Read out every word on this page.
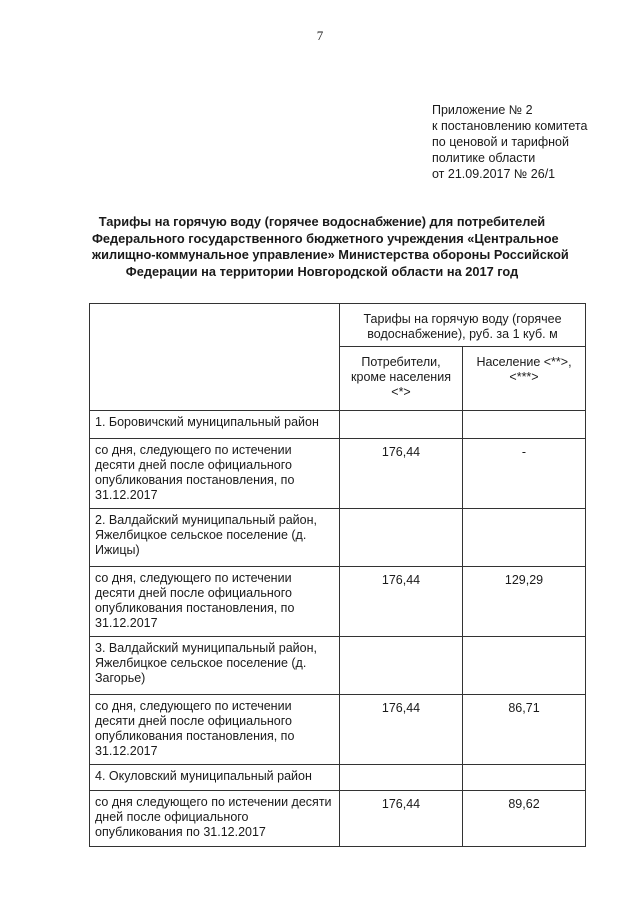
7
Приложение № 2
к постановлению комитета
по ценовой и тарифной
политике области
от 21.09.2017 № 26/1
Тарифы на горячую воду (горячее водоснабжение) для потребителей
Федерального государственного бюджетного учреждения «Центральное
жилищно-коммунальное управление» Министерства обороны Российской
Федерации на территории Новгородской области на 2017 год
	Тарифы на горячую воду (горячее водоснабжение), руб. за 1 куб. м	
	Потребители, кроме населения <*>	Население <**>, <***>
1. Боровичский муниципальный район		
со дня, следующего по истечении десяти дней после официального опубликования постановления, по 31.12.2017	176,44	-
2. Валдайский муниципальный район, Яжелбицкое сельское поселение (д. Ижицы)		
со дня, следующего по истечении десяти дней после официального опубликования постановления, по 31.12.2017	176,44	129,29
3. Валдайский муниципальный район, Яжелбицкое сельское поселение (д. Загорье)		
со дня, следующего по истечении десяти дней после официального опубликования постановления, по 31.12.2017	176,44	86,71
4. Окуловский муниципальный район		
со дня следующего по истечении десяти дней после официального опубликования по 31.12.2017	176,44	89,62
